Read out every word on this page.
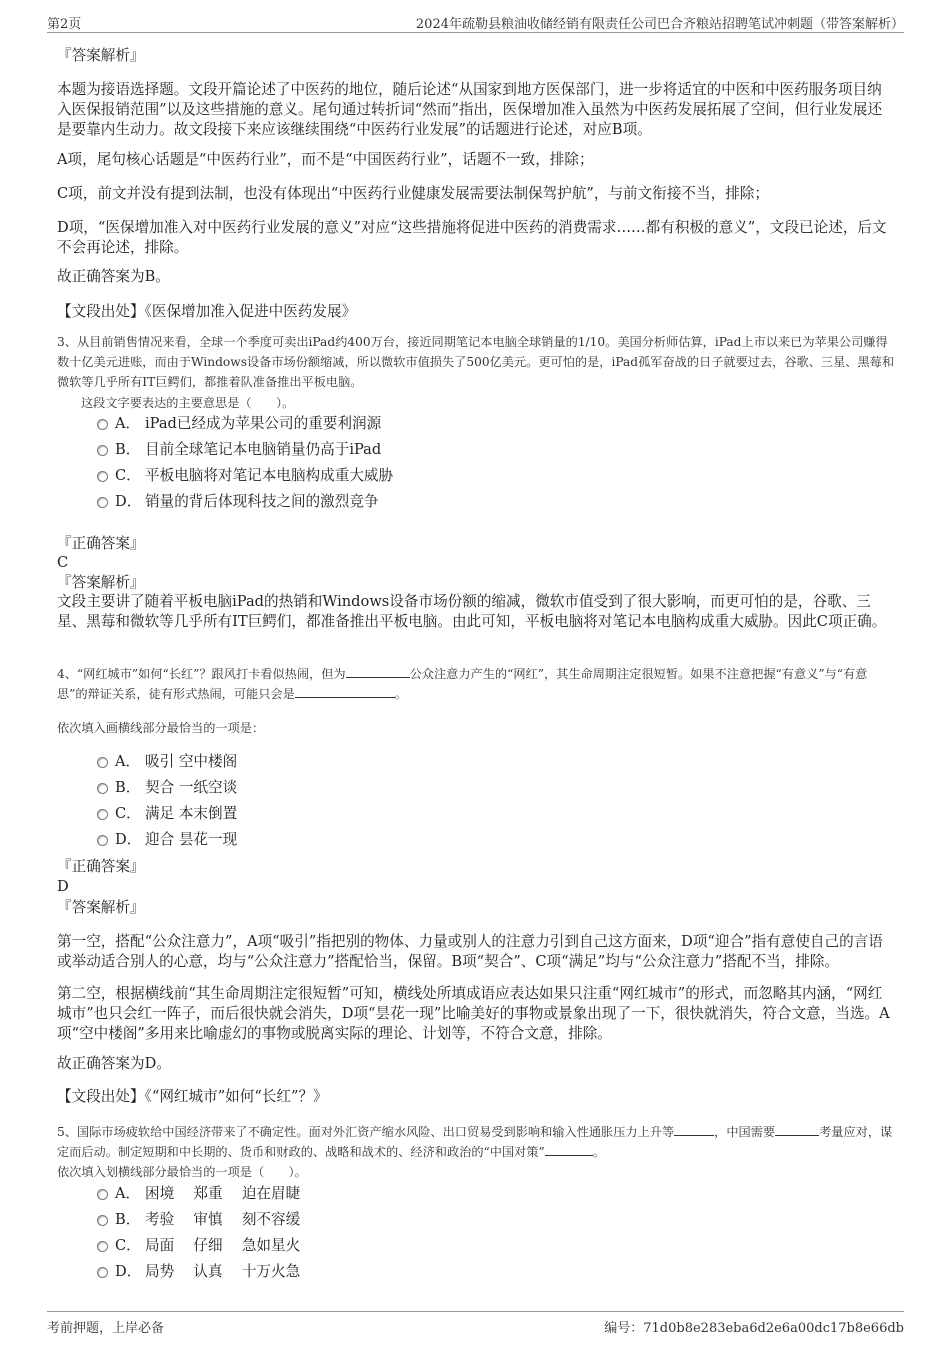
第2页	2024年疏勒县粮油收储经销有限责任公司巴合齐粮站招聘笔试冲刺题（带答案解析）
『答案解析』
本题为接语选择题。文段开篇论述了中医药的地位，随后论述“从国家到地方医保部门，进一步将适宜的中医和中医药服务项目纳入医保报销范围”以及这些措施的意义。尾句通过转折词“然而”指出，医保增加准入虽然为中医药发展拓展了空间，但行业发展还是要靠内生动力。故文段接下来应该继续围绕“中医药行业发展”的话题进行论述，对应B项。
A项，尾句核心话题是“中医药行业”，而不是“中国医药行业”，话题不一致，排除；
C项，前文并没有提到法制，也没有体现出“中医药行业健康发展需要法制保驾护航”，与前文衔接不当，排除；
D项，“医保增加准入对中医药行业发展的意义”对应“这些措施将促进中医药的消费需求……都有积极的意义”，文段已论述，后文不会再论述，排除。
故正确答案为B。
【文段出处】《医保增加准入促进中医药发展》
3、从目前销售情况来看，全球一个季度可卖出iPad约400万台，接近同期笔记本电脑全球销量的1/10。美国分析师估算，iPad上市以来已为苹果公司赚得数十亿美元进账，而由于Windows设备市场份额缩减，所以微软市值损失了500亿美元。更可怕的是，iPad孤军奋战的日子就要过去，谷歌、三星、黑莓和微软等几乎所有IT巨鳄们，都推着队准备推出平板电脑。
这段文字要表达的主要意思是（　　）。
A． iPad已经成为苹果公司的重要利润源
B． 目前全球笔记本电脑销量仍高于iPad
C． 平板电脑将对笔记本电脑构成重大威胁
D． 销量的背后体现科技之间的激烈竞争
『正确答案』
C
『答案解析』
文段主要讲了随着平板电脑iPad的热销和Windows设备市场份额的缩减，微软市值受到了很大影响，而更可怕的是，谷歌、三星、黑莓和微软等几乎所有IT巨鳄们，都准备推出平板电脑。由此可知，平板电脑将对笔记本电脑构成重大威胁。因此C项正确。
4、“网红城市”如何“长红”？跟风打卡看似热闹，但为	公众注意力产生的“网红”，其生命周期注定很短暂。如果不注意把握“有意义”与“有意思”的辩证关系，徒有形式热闹，可能只会是	。
依次填入画横线部分最恰当的一项是：
A． 吸引 空中楼阁
B． 契合 一纸空谈
C． 满足 本末倒置
D． 迎合 昙花一现
『正确答案』
D
『答案解析』
第一空，搭配“公众注意力”，A项“吸引”指把别的物体、力量或别人的注意力引到自己这方面来，D项“迎合”指有意使自己的言语或举动适合别人的心意，均与“公众注意力”搭配恰当，保留。B项“契合”、C项“满足”均与“公众注意力”搭配不当，排除。
第二空，根据横线前“其生命周期注定很短暂”可知，横线处所填成语应表达如果只注重“网红城市”的形式，而忽略其内涵，“网红城市”也只会红一阵子，而后很快就会消失，D项“昙花一现”比喻美好的事物或景象出现了一下，很快就消失，符合文意，当选。A项“空中楼阁”多用来比喻虚幻的事物或脱离实际的理论、计划等，不符合文意，排除。
故正确答案为D。
【文段出处】《“网红城市”如何“长红”？》
5、国际市场疲软给中国经济带来了不确定性。面对外汇资产缩水风险、出口贸易受到影响和输入性通胀压力上升等	，中国需要	考量应对，谋定而后动。制定短期和中长期的、货币和财政的、战略和战术的、经济和政治的“中国对策”	。
依次填入划横线部分最恰当的一项是（　　）。
A． 困境　 郑重　 迫在眉睫
B． 考验　 审慎　 刻不容缓
C． 局面　 仔细　 急如星火
D． 局势　 认真　 十万火急
考前押题，上岸必备	编号：71d0b8e283eba6d2e6a00dc17b8e66db
